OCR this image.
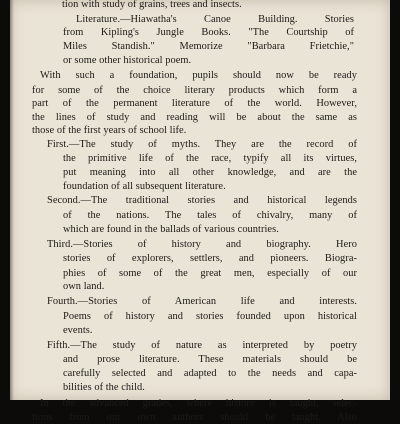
tion with study of grains, trees and insects.
Literature.—Hiawatha's Canoe Building. Stories
from Kipling's Jungle Books. "The Courtship of
Miles Standish." Memorize "Barbara Frietchie,"
or some other historical poem.
With such a foundation, pupils should now be ready
for some of the choice literary products which form a
part of the permanent literature of the world. However,
the lines of study and reading will be about the same as
those of the first years of school life.
First.—The study of myths. They are the record of
the primitive life of the race, typify all its virtues,
put meaning into all other knowledge, and are the
foundation of all subsequent literature.
Second.—The traditional stories and historical legends
of the nations. The tales of chivalry, many of
which are found in the ballads of various countries.
Third.—Stories of history and biography. Hero
stories of explorers, settlers, and pioneers. Biogra-
phies of some of the great men, especially of our
own land.
Fourth.—Stories of American life and interests.
Poems of history and stories founded upon historical
events.
Fifth.—The study of nature as interpreted by poetry
and prose literature. These materials should be
carefully selected and adapted to the needs and capa-
bilities of the child.
In the advanced grades, where history is taught, selec-
tions from our own authors should be taught. Also
